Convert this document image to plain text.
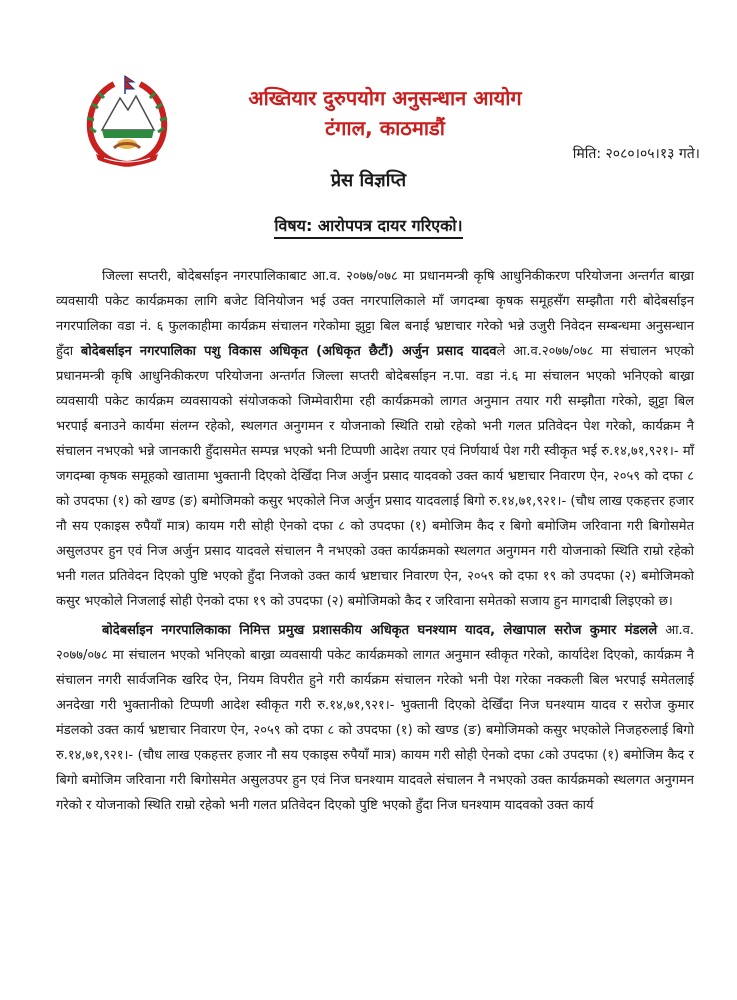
अख्तियार दुरुपयोग अनुसन्धान आयोग
टंगाल, काठमाडौं
मिति: २०८०।०५।१३ गते।
प्रेस विज्ञप्ति
विषय: आरोपपत्र दायर गरिएको।

जिल्ला सप्तरी, बोदेबर्साइन नगरपालिकाबाट आ.व. २०७७/०७८ मा प्रधानमन्त्री कृषि आधुनिकीकरण परियोजना अन्तर्गत बाख्रा व्यवसायी पकेट कार्यक्रमका लागि बजेट विनियोजन भई उक्त नगरपालिकाले माँ जगदम्बा कृषक समूहसँग सम्झौता गरी बोदेबर्साइन नगरपालिका वडा नं. ६ फुलकाहीमा कार्यक्रम संचालन गरेकोमा झुट्टा बिल बनाई भ्रष्टाचार गरेको भन्ने उजुरी निवेदन सम्बन्धमा अनुसन्धान हुँदा बोदेबर्साइन नगरपालिका पशु विकास अधिकृत (अधिकृत छैटौं) अर्जुन प्रसाद यादवले आ.व.२०७७/०७८ मा संचालन भएको प्रधानमन्त्री कृषि आधुनिकीकरण परियोजना अन्तर्गत जिल्ला सप्तरी बोदेबर्साइन न.पा. वडा नं.६ मा संचालन भएको भनिएको बाख्रा व्यवसायी पकेट कार्यक्रम व्यवसायको संयोजकको जिम्मेवारीमा रही कार्यक्रमको लागत अनुमान तयार गरी सम्झौता गरेको, झुट्टा बिल भरपाई बनाउने कार्यमा संलग्न रहेको, स्थलगत अनुगमन र योजनाको स्थिति राम्रो रहेको भनी गलत प्रतिवेदन पेश गरेको, कार्यक्रम नै संचालन नभएको भन्ने जानकारी हुँदासमेत सम्पन्न भएको भनी टिप्पणी आदेश तयार एवं निर्णयार्थ पेश गरी स्वीकृत भई रु.१४,७१,९२१।- माँ जगदम्बा कृषक समूहको खातामा भुक्तानी दिएको देखिँदा निज अर्जुन प्रसाद यादवको उक्त कार्य भ्रष्टाचार निवारण ऐन, २०५९ को दफा ८ को उपदफा (१) को खण्ड (ङ) बमोजिमको कसुर भएकोले निज अर्जुन प्रसाद यादवलाई बिगो रु.१४,७१,९२१।- (चौध लाख एकहत्तर हजार नौ सय एकाइस रुपैयाँ मात्र) कायम गरी सोही ऐनको दफा ८ को उपदफा (१) बमोजिम कैद र बिगो बमोजिम जरिवाना गरी बिगोसमेत असुलउपर हुन एवं निज अर्जुन प्रसाद यादवले संचालन नै नभएको उक्त कार्यक्रमको स्थलगत अनुगमन गरी योजनाको स्थिति राम्रो रहेको भनी गलत प्रतिवेदन दिएको पुष्टि भएको हुँदा निजको उक्त कार्य भ्रष्टाचार निवारण ऐन, २०५९ को दफा १९ को उपदफा (२) बमोजिमको कसुर भएकोले निजलाई सोही ऐनको दफा १९ को उपदफा (२) बमोजिमको कैद र जरिवाना समेतको सजाय हुन मागदाबी लिइएको छ।

बोदेबर्साइन नगरपालिकाका निमित्त प्रमुख प्रशासकीय अधिकृत घनश्याम यादव, लेखापाल सरोज कुमार मंडलले आ.व. २०७७/०७८ मा संचालन भएको भनिएको बाख्रा व्यवसायी पकेट कार्यक्रमको लागत अनुमान स्वीकृत गरेको, कार्यादेश दिएको, कार्यक्रम नै संचालन नगरी सार्वजनिक खरिद ऐन, नियम विपरीत हुने गरी कार्यक्रम संचालन गरेको भनी पेश गरेका नक्कली बिल भरपाई समेतलाई अनदेखा गरी भुक्तानीको टिप्पणी आदेश स्वीकृत गरी रु.१४,७१,९२१।- भुक्तानी दिएको देखिँदा निज घनश्याम यादव र सरोज कुमार मंडलको उक्त कार्य भ्रष्टाचार निवारण ऐन, २०५९ को दफा ८ को उपदफा (१) को खण्ड (ङ) बमोजिमको कसुर भएकोले निजहरुलाई बिगो रु.१४,७१,९२१।- (चौध लाख एकहत्तर हजार नौ सय एकाइस रुपैयाँ मात्र) कायम गरी सोही ऐनको दफा ८को उपदफा (१) बमोजिम कैद र बिगो बमोजिम जरिवाना गरी बिगोसमेत असुलउपर हुन एवं निज घनश्याम यादवले संचालन नै नभएको उक्त कार्यक्रमको स्थलगत अनुगमन गरेको र योजनाको स्थिति राम्रो रहेको भनी गलत प्रतिवेदन दिएको पुष्टि भएको हुँदा निज घनश्याम यादवको उक्त कार्य
